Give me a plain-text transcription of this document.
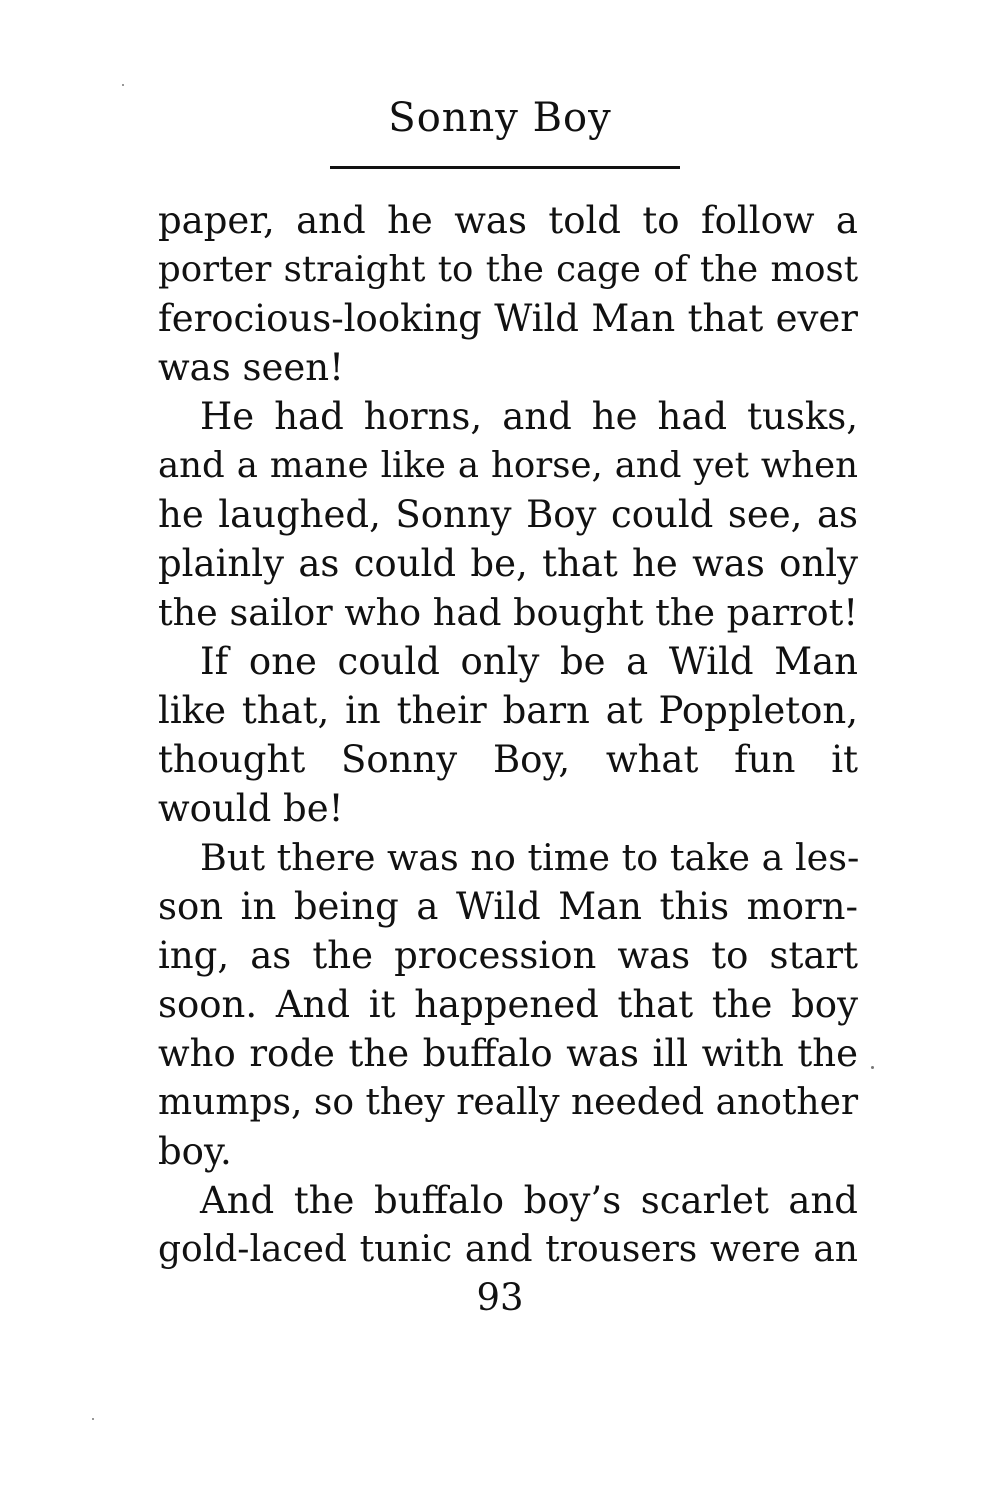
Sonny Boy
paper, and he was told to follow a
porter straight to the cage of the most
ferocious-looking Wild Man that ever
was seen!
He had horns, and he had tusks,
and a mane like a horse, and yet when
he laughed, Sonny Boy could see, as
plainly as could be, that he was only
the sailor who had bought the parrot!
If one could only be a Wild Man
like that, in their barn at Poppleton,
thought Sonny Boy, what fun it
would be!
But there was no time to take a les-
son in being a Wild Man this morn-
ing, as the procession was to start
soon. And it happened that the boy
who rode the buffalo was ill with the
mumps, so they really needed another
boy.
And the buffalo boy’s scarlet and
gold-laced tunic and trousers were an
93
